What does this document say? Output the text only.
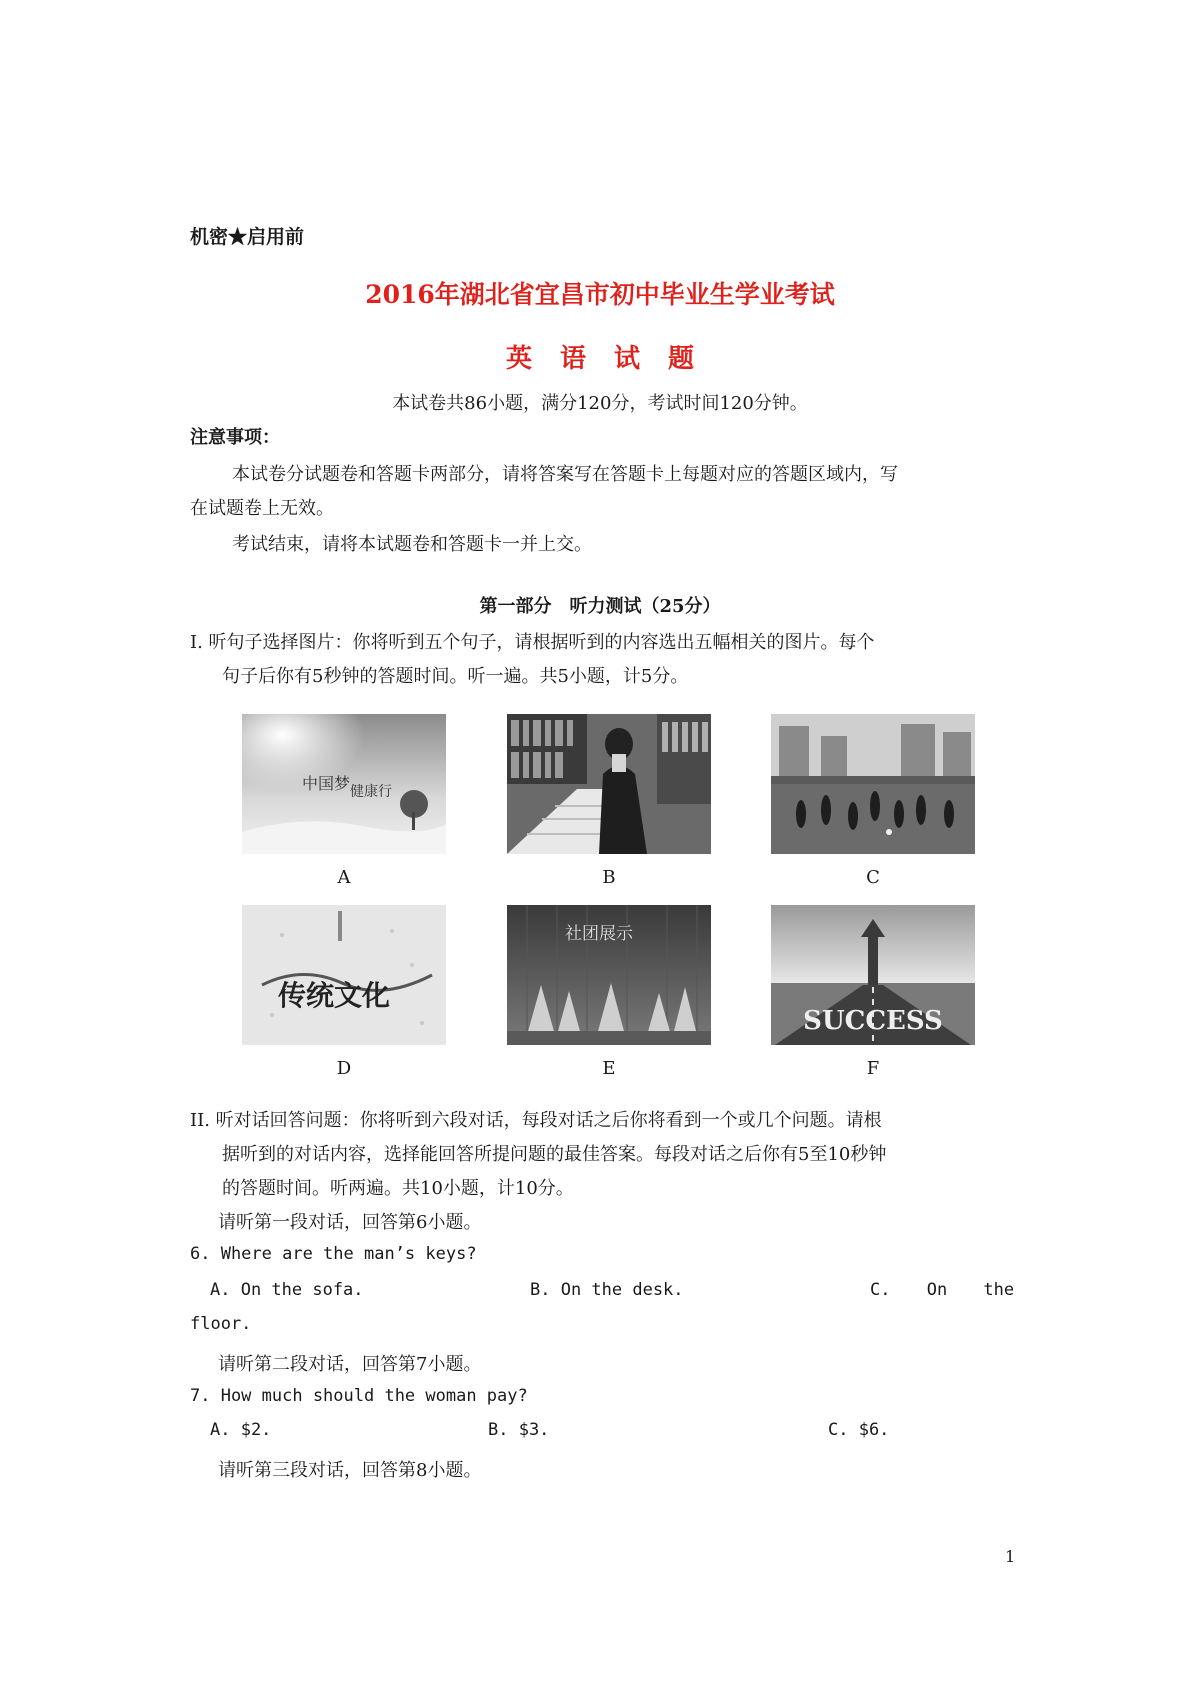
机密★启用前
2016年湖北省宜昌市初中毕业生学业考试
英 语 试 题
本试卷共86小题，满分120分，考试时间120分钟。
注意事项：
本试卷分试题卷和答题卡两部分，请将答案写在答题卡上每题对应的答题区域内，写
在试题卷上无效。
考试结束，请将本试题卷和答题卡一并上交。
第一部分　听力测试（25分）
Ⅰ. 听句子选择图片：你将听到五个句子，请根据听到的内容选出五幅相关的图片。每个
句子后你有5秒钟的答题时间。听一遍。共5小题，计5分。
中国梦 健康行
传统文化
社团展示
SUCCESS
A	B	C
D	E	F
II. 听对话回答问题：你将听到六段对话，每段对话之后你将看到一个或几个问题。请根
据听到的对话内容，选择能回答所提问题的最佳答案。每段对话之后你有5至10秒钟
的答题时间。听两遍。共10小题，计10分。
请听第一段对话，回答第6小题。
6. Where are the man’s keys?
A. On the sofa.	B. On the desk.	C. On the
floor.
请听第二段对话，回答第7小题。
7. How much should the woman pay?
A. $2.	B. $3.	C. $6.
请听第三段对话，回答第8小题。
1
